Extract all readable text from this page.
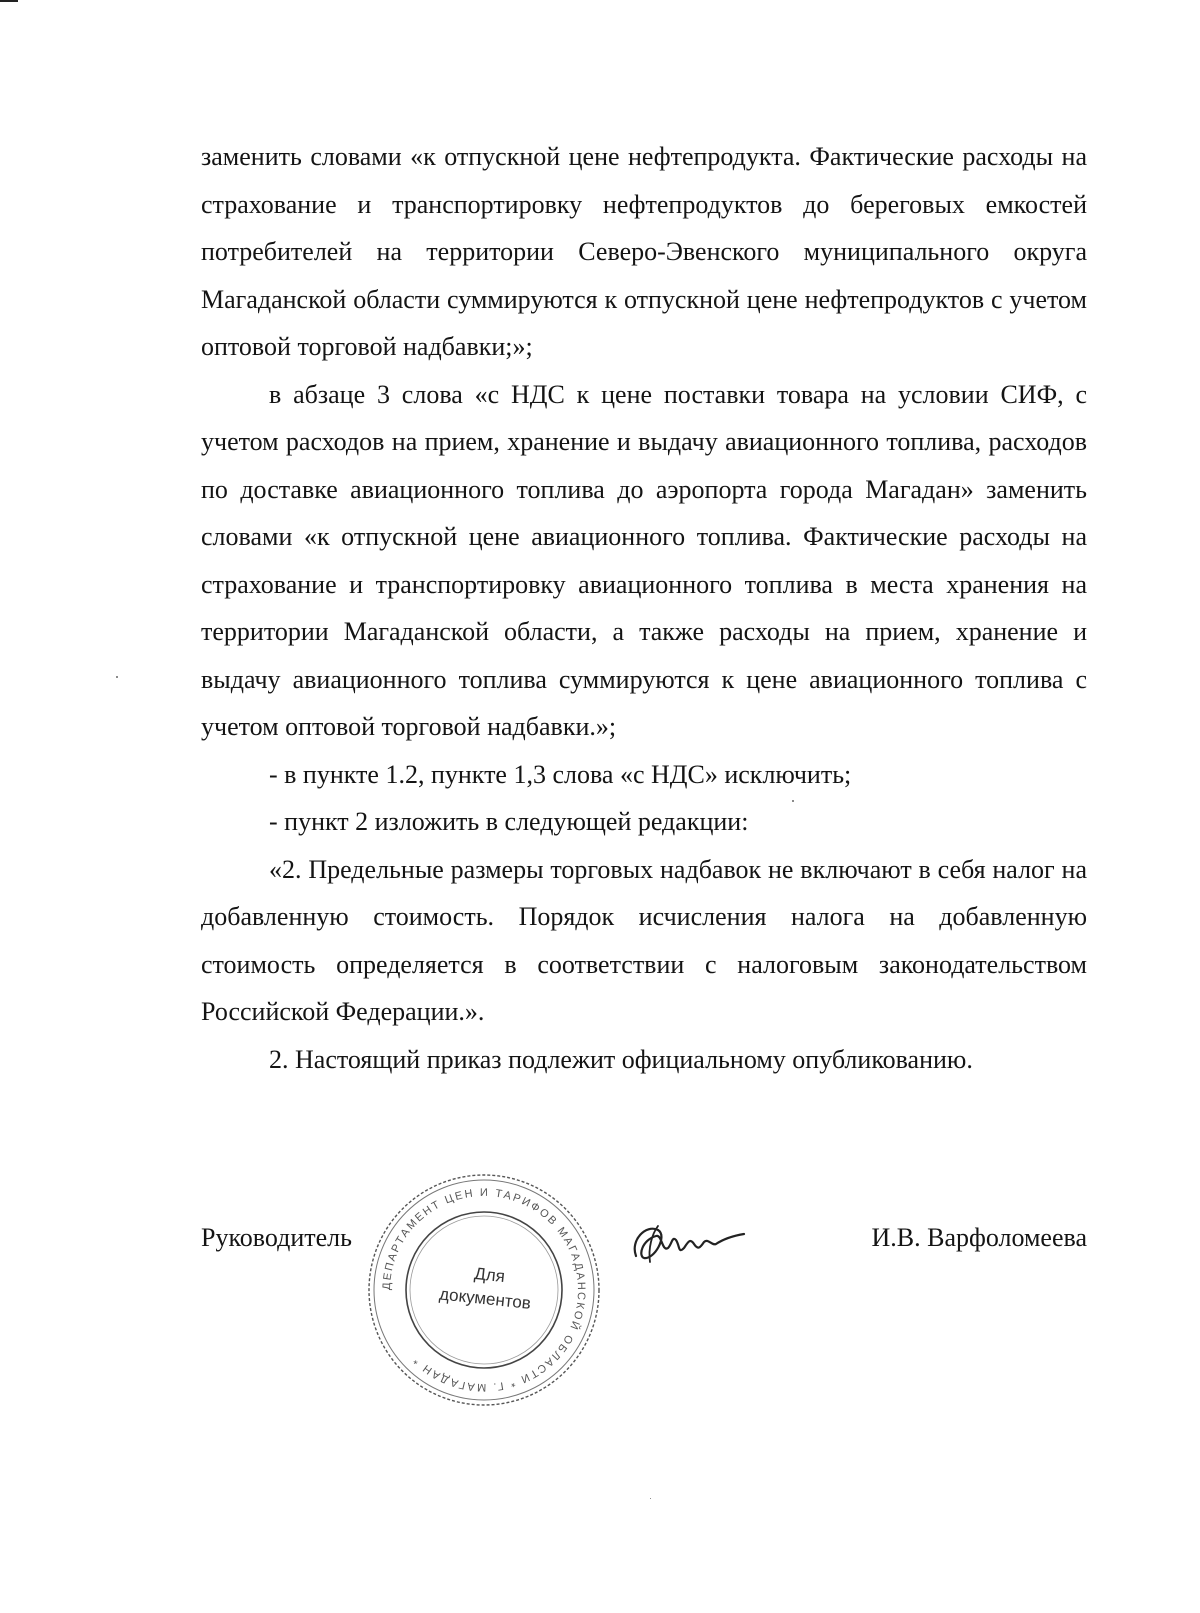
заменить словами «к отпускной цене нефтепродукта. Фактические расходы на страхование и транспортировку нефтепродуктов до береговых емкостей потребителей на территории Северо-Эвенского муниципального округа Магаданской области суммируются к отпускной цене нефтепродуктов с учетом оптовой торговой надбавки;»;

в абзаце 3 слова «с НДС к цене поставки товара на условии СИФ, с учетом расходов на прием, хранение и выдачу авиационного топлива, расходов по доставке авиационного топлива до аэропорта города Магадан» заменить словами «к отпускной цене авиационного топлива. Фактические расходы на страхование и транспортировку авиационного топлива в места хранения на территории Магаданской области, а также расходы на прием, хранение и выдачу авиационного топлива суммируются к цене авиационного топлива с учетом оптовой торговой надбавки.»;

- в пункте 1.2, пункте 1,3 слова «с НДС» исключить;

- пункт 2 изложить в следующей редакции:

«2. Предельные размеры торговых надбавок не включают в себя налог на добавленную стоимость. Порядок исчисления налога на добавленную стоимость определяется в соответствии с налоговым законодательством Российской Федерации.».

2. Настоящий приказ подлежит официальному опубликованию.

Руководитель	И.В. Варфоломеева
ДЕПАРТАМЕНТ ЦЕН И ТАРИФОВ МАГАДАНСКОЙ ОБЛАСТИ * Г. МАГАДАН *
Для
документов
